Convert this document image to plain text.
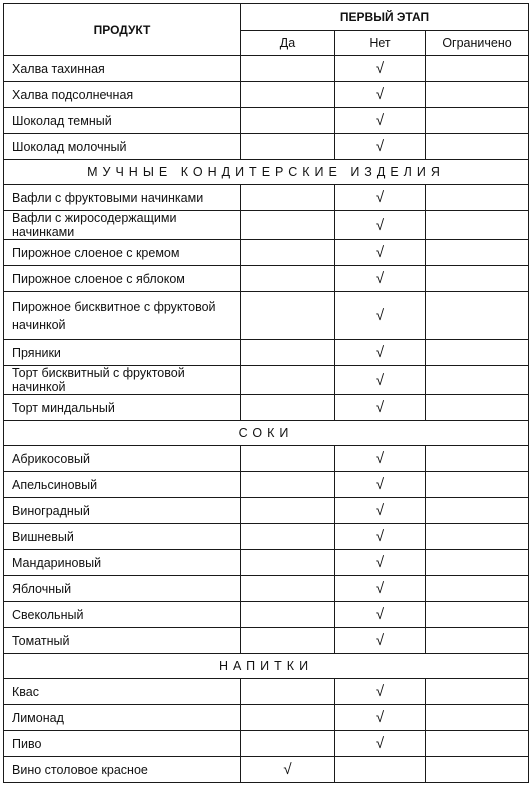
ПРОДУКТ	ПЕРВЫЙ ЭТАП		
	Да	Нет	Ограничено
Халва тахинная		√	
Халва подсолнечная		√	
Шоколад темный		√	
Шоколад молочный		√	
МУЧНЫЕ КОНДИТЕРСКИЕ ИЗДЕЛИЯ			
Вафли с фруктовыми начинками		√	
Вафли с жиросодержащими начинками		√	
Пирожное слоеное с кремом		√	
Пирожное слоеное с яблоком		√	
Пирожное бисквитное с фруктовой начинкой		√	
Пряники		√	
Торт бисквитный с фруктовой начинкой		√	
Торт миндальный		√	
СОКИ			
Абрикосовый		√	
Апельсиновый		√	
Виноградный		√	
Вишневый		√	
Мандариновый		√	
Яблочный		√	
Свекольный		√	
Томатный		√	
НАПИТКИ			
Квас		√	
Лимонад		√	
Пиво		√	
Вино столовое красное	√		
